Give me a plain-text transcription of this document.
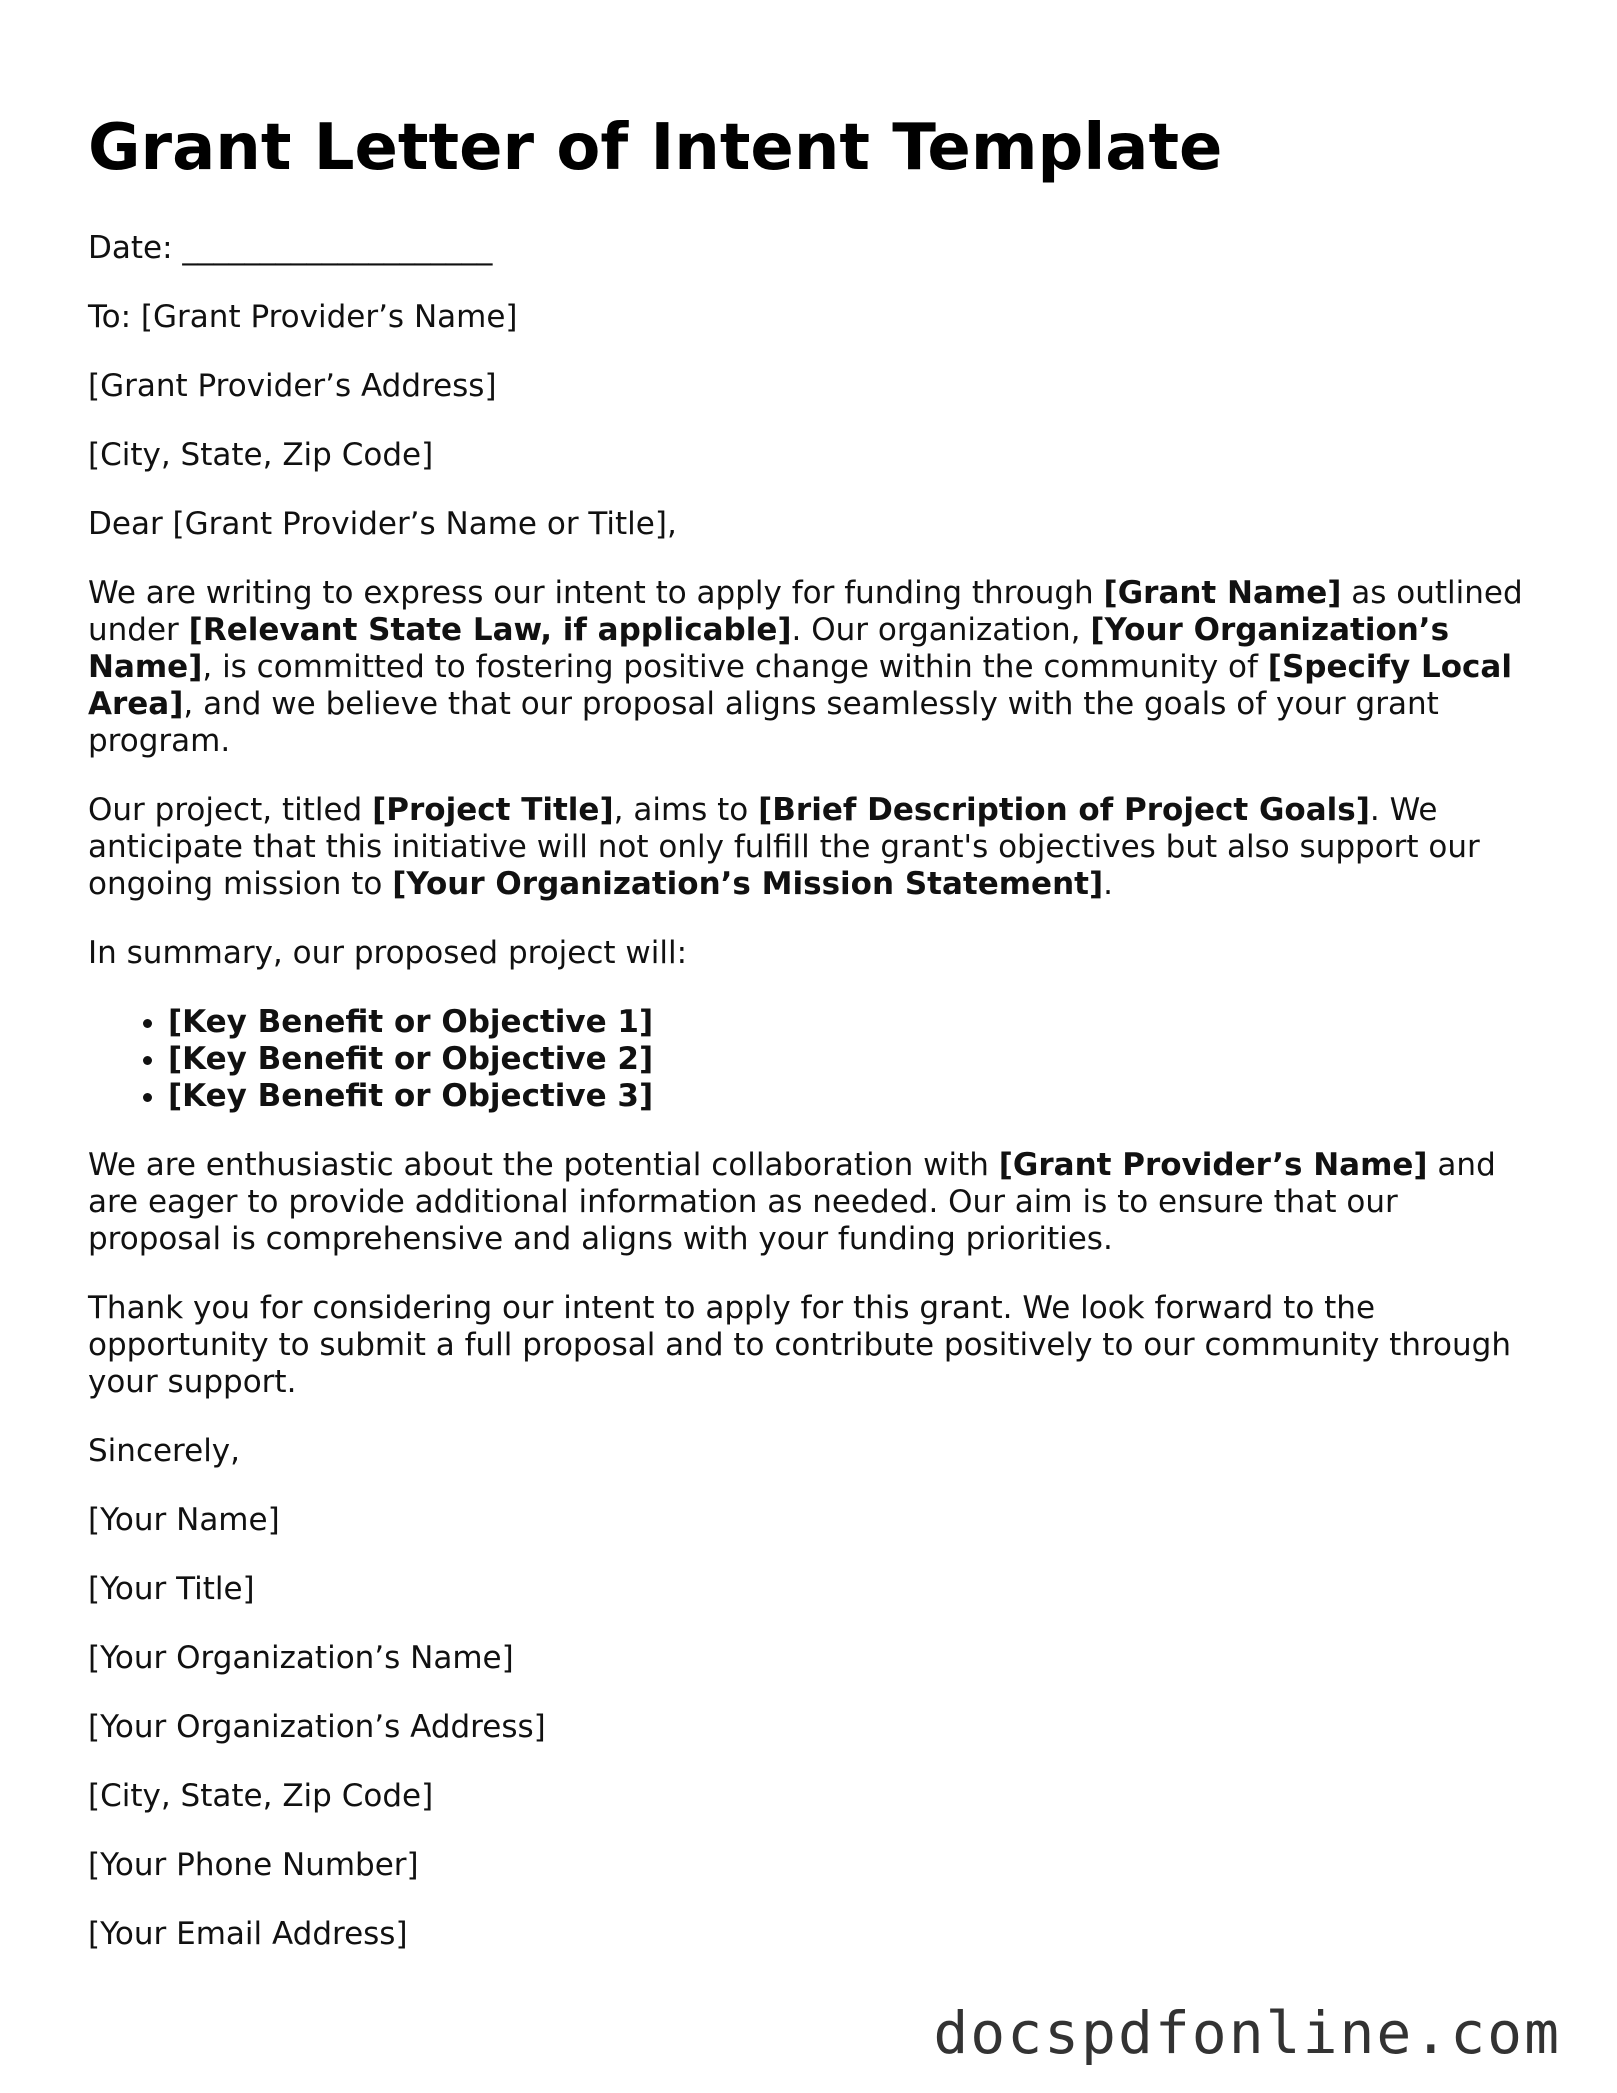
Grant Letter of Intent Template

Date: ____________________

To: [Grant Provider’s Name]

[Grant Provider’s Address]

[City, State, Zip Code]

Dear [Grant Provider’s Name or Title],

We are writing to express our intent to apply for funding through [Grant Name] as outlined under [Relevant State Law, if applicable]. Our organization, [Your Organization’s Name], is committed to fostering positive change within the community of [Specify Local Area], and we believe that our proposal aligns seamlessly with the goals of your grant program.

Our project, titled [Project Title], aims to [Brief Description of Project Goals]. We anticipate that this initiative will not only fulfill the grant's objectives but also support our ongoing mission to [Your Organization’s Mission Statement].

In summary, our proposed project will:

• [Key Benefit or Objective 1]
• [Key Benefit or Objective 2]
• [Key Benefit or Objective 3]

We are enthusiastic about the potential collaboration with [Grant Provider’s Name] and are eager to provide additional information as needed. Our aim is to ensure that our proposal is comprehensive and aligns with your funding priorities.

Thank you for considering our intent to apply for this grant. We look forward to the opportunity to submit a full proposal and to contribute positively to our community through your support.

Sincerely,

[Your Name]

[Your Title]

[Your Organization’s Name]

[Your Organization’s Address]

[City, State, Zip Code]

[Your Phone Number]

[Your Email Address]

docspdfonline.com
